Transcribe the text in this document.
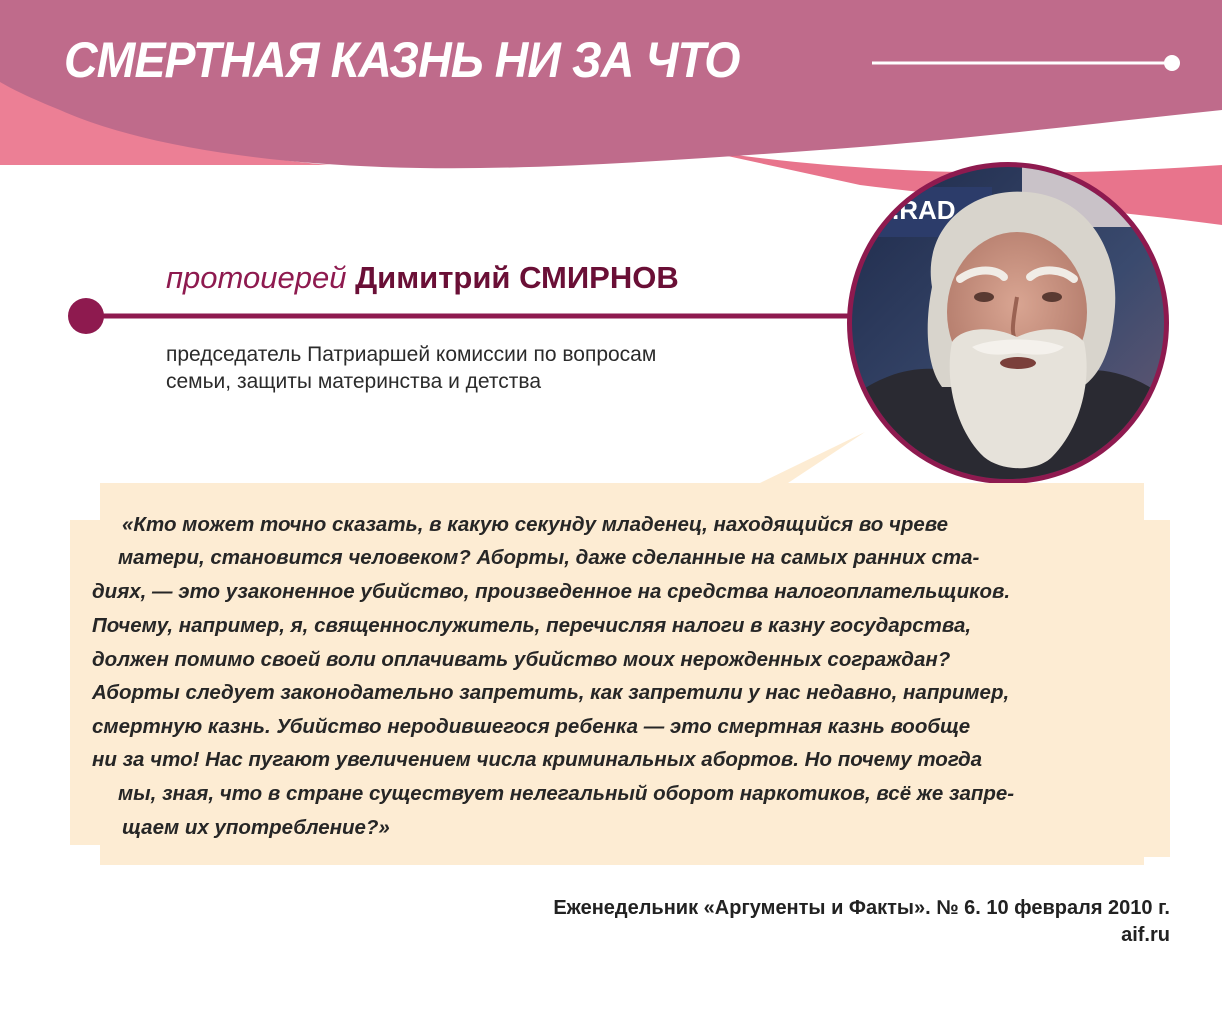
СМЕРТНАЯ КАЗНЬ НИ ЗА ЧТО
протоиерей Димитрий СМИРНОВ
председатель Патриаршей комиссии по вопросам
семьи, защиты материнства и детства
.RAD
«Кто может точно сказать, в какую секунду младенец, находящийся во чреве
матери, становится человеком? Аборты, даже сделанные на самых ранних ста-
диях, — это узаконенное убийство, произведенное на средства налогоплательщиков.
Почему, например, я, священнослужитель, перечисляя налоги в казну государства,
должен помимо своей воли оплачивать убийство моих нерожденных сограждан?
Аборты следует законодательно запретить, как запретили у нас недавно, например,
смертную казнь. Убийство неродившегося ребенка — это смертная казнь вообще
ни за что! Нас пугают увеличением числа криминальных абортов. Но почему тогда
мы, зная, что в стране существует нелегальный оборот наркотиков, всё же запре-
щаем их употребление?»
Еженедельник «Аргументы и Факты». № 6. 10 февраля 2010 г.
aif.ru
